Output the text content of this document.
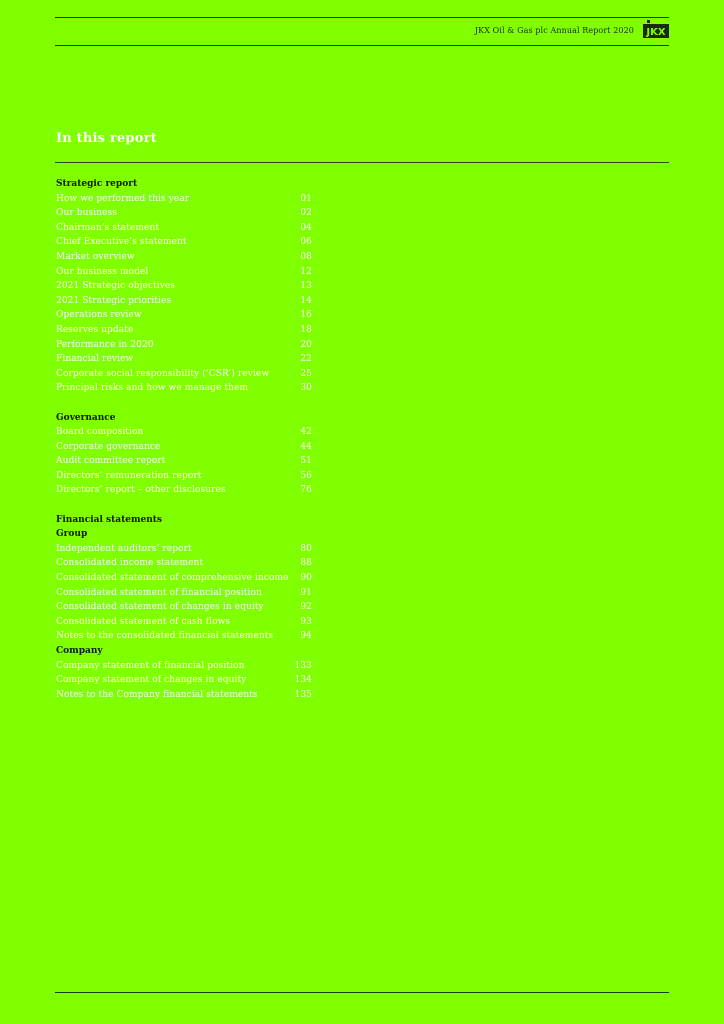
JKX Oil & Gas plc Annual Report 2020 JKX
In this report
Strategic report
How we performed this year	01
Our business	02
Chairman’s statement	04
Chief Executive’s statement	06
Market overview	08
Our business model	12
2021 Strategic objectives	13
2021 Strategic priorities	14
Operations review	16
Reserves update	18
Performance in 2020	20
Financial review	22
Corporate social responsibility (‘CSR’) review	25
Principal risks and how we manage them	30
Governance
Board composition	42
Corporate governance	44
Audit committee report	51
Directors’ remuneration report	56
Directors’ report – other disclosures	76
Financial statements
Group
Independent auditors’ report	80
Consolidated income statement	88
Consolidated statement of comprehensive income 90
Consolidated statement of financial position	91
Consolidated statement of changes in equity	92
Consolidated statement of cash flows	93
Notes to the consolidated financial statements	94
Company
Company statement of financial position	133
Company statement of changes in equity	134
Notes to the Company financial statements	135
